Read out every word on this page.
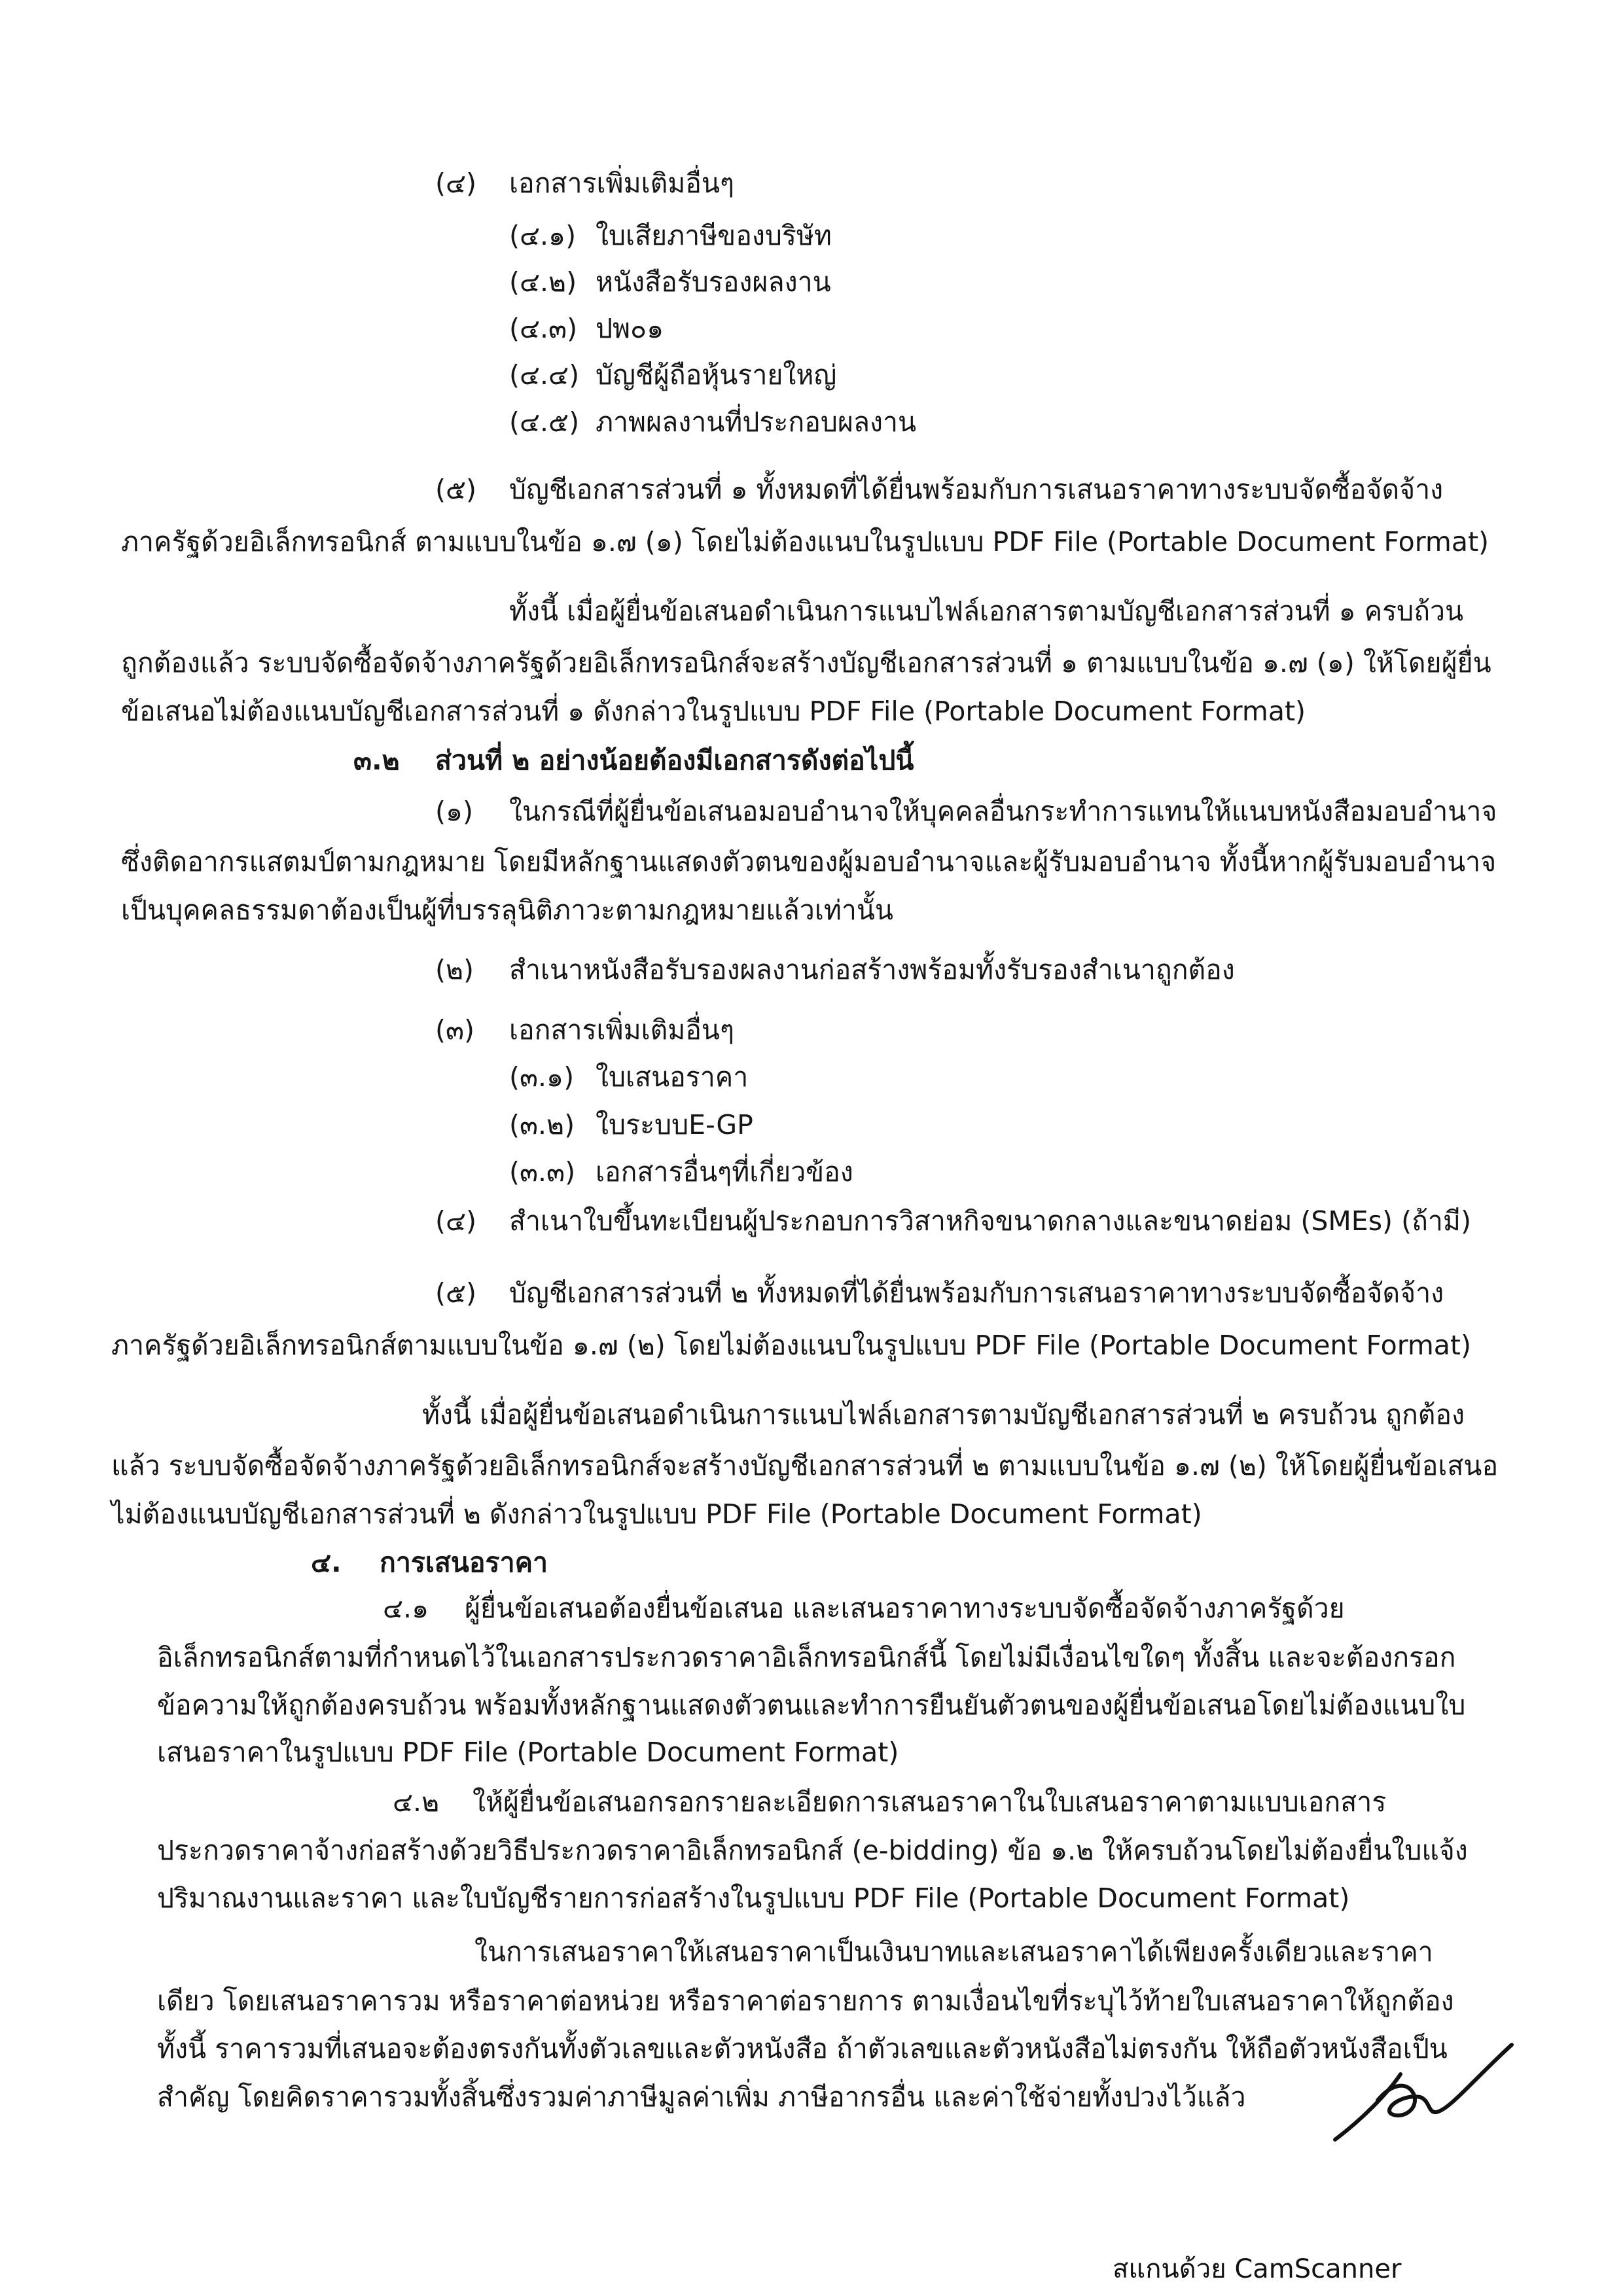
(๔) เอกสารเพิ่มเติมอื่นๆ
(๔.๑) ใบเสียภาษีของบริษัท
(๔.๒) หนังสือรับรองผลงาน
(๔.๓) ปพ๐๑
(๔.๔) บัญชีผู้ถือหุ้นรายใหญ่
(๔.๕) ภาพผลงานที่ประกอบผลงาน
(๕) บัญชีเอกสารส่วนที่ ๑ ทั้งหมดที่ได้ยื่นพร้อมกับการเสนอราคาทางระบบจัดซื้อจัดจ้าง
ภาครัฐด้วยอิเล็กทรอนิกส์ ตามแบบในข้อ ๑.๗ (๑) โดยไม่ต้องแนบในรูปแบบ PDF File (Portable Document Format)
ทั้งนี้ เมื่อผู้ยื่นข้อเสนอดำเนินการแนบไฟล์เอกสารตามบัญชีเอกสารส่วนที่ ๑ ครบถ้วน
ถูกต้องแล้ว ระบบจัดซื้อจัดจ้างภาครัฐด้วยอิเล็กทรอนิกส์จะสร้างบัญชีเอกสารส่วนที่ ๑ ตามแบบในข้อ ๑.๗ (๑) ให้โดยผู้ยื่น
ข้อเสนอไม่ต้องแนบบัญชีเอกสารส่วนที่ ๑ ดังกล่าวในรูปแบบ PDF File (Portable Document Format)
๓.๒ ส่วนที่ ๒ อย่างน้อยต้องมีเอกสารดังต่อไปนี้
(๑) ในกรณีที่ผู้ยื่นข้อเสนอมอบอำนาจให้บุคคลอื่นกระทำการแทนให้แนบหนังสือมอบอำนาจ
ซึ่งติดอากรแสตมป์ตามกฎหมาย โดยมีหลักฐานแสดงตัวตนของผู้มอบอำนาจและผู้รับมอบอำนาจ ทั้งนี้หากผู้รับมอบอำนาจ
เป็นบุคคลธรรมดาต้องเป็นผู้ที่บรรลุนิติภาวะตามกฎหมายแล้วเท่านั้น
(๒) สำเนาหนังสือรับรองผลงานก่อสร้างพร้อมทั้งรับรองสำเนาถูกต้อง
(๓) เอกสารเพิ่มเติมอื่นๆ
(๓.๑) ใบเสนอราคา
(๓.๒) ใบระบบE-GP
(๓.๓) เอกสารอื่นๆที่เกี่ยวข้อง
(๔) สำเนาใบขึ้นทะเบียนผู้ประกอบการวิสาหกิจขนาดกลางและขนาดย่อม (SMEs) (ถ้ามี)
(๕) บัญชีเอกสารส่วนที่ ๒ ทั้งหมดที่ได้ยื่นพร้อมกับการเสนอราคาทางระบบจัดซื้อจัดจ้าง
ภาครัฐด้วยอิเล็กทรอนิกส์ตามแบบในข้อ ๑.๗ (๒) โดยไม่ต้องแนบในรูปแบบ PDF File (Portable Document Format)
ทั้งนี้ เมื่อผู้ยื่นข้อเสนอดำเนินการแนบไฟล์เอกสารตามบัญชีเอกสารส่วนที่ ๒ ครบถ้วน ถูกต้อง
แล้ว ระบบจัดซื้อจัดจ้างภาครัฐด้วยอิเล็กทรอนิกส์จะสร้างบัญชีเอกสารส่วนที่ ๒ ตามแบบในข้อ ๑.๗ (๒) ให้โดยผู้ยื่นข้อเสนอ
ไม่ต้องแนบบัญชีเอกสารส่วนที่ ๒ ดังกล่าวในรูปแบบ PDF File (Portable Document Format)
๔. การเสนอราคา
๔.๑ ผู้ยื่นข้อเสนอต้องยื่นข้อเสนอ และเสนอราคาทางระบบจัดซื้อจัดจ้างภาครัฐด้วย
อิเล็กทรอนิกส์ตามที่กำหนดไว้ในเอกสารประกวดราคาอิเล็กทรอนิกส์นี้ โดยไม่มีเงื่อนไขใดๆ ทั้งสิ้น และจะต้องกรอก
ข้อความให้ถูกต้องครบถ้วน พร้อมทั้งหลักฐานแสดงตัวตนและทำการยืนยันตัวตนของผู้ยื่นข้อเสนอโดยไม่ต้องแนบใบ
เสนอราคาในรูปแบบ PDF File (Portable Document Format)
๔.๒ ให้ผู้ยื่นข้อเสนอกรอกรายละเอียดการเสนอราคาในใบเสนอราคาตามแบบเอกสาร
ประกวดราคาจ้างก่อสร้างด้วยวิธีประกวดราคาอิเล็กทรอนิกส์ (e-bidding) ข้อ ๑.๒ ให้ครบถ้วนโดยไม่ต้องยื่นใบแจ้ง
ปริมาณงานและราคา และใบบัญชีรายการก่อสร้างในรูปแบบ PDF File (Portable Document Format)
ในการเสนอราคาให้เสนอราคาเป็นเงินบาทและเสนอราคาได้เพียงครั้งเดียวและราคา
เดียว โดยเสนอราคารวม หรือราคาต่อหน่วย หรือราคาต่อรายการ ตามเงื่อนไขที่ระบุไว้ท้ายใบเสนอราคาให้ถูกต้อง
ทั้งนี้ ราคารวมที่เสนอจะต้องตรงกันทั้งตัวเลขและตัวหนังสือ ถ้าตัวเลขและตัวหนังสือไม่ตรงกัน ให้ถือตัวหนังสือเป็น
สำคัญ โดยคิดราคารวมทั้งสิ้นซึ่งรวมค่าภาษีมูลค่าเพิ่ม ภาษีอากรอื่น และค่าใช้จ่ายทั้งปวงไว้แล้ว
สแกนด้วย CamScanner
